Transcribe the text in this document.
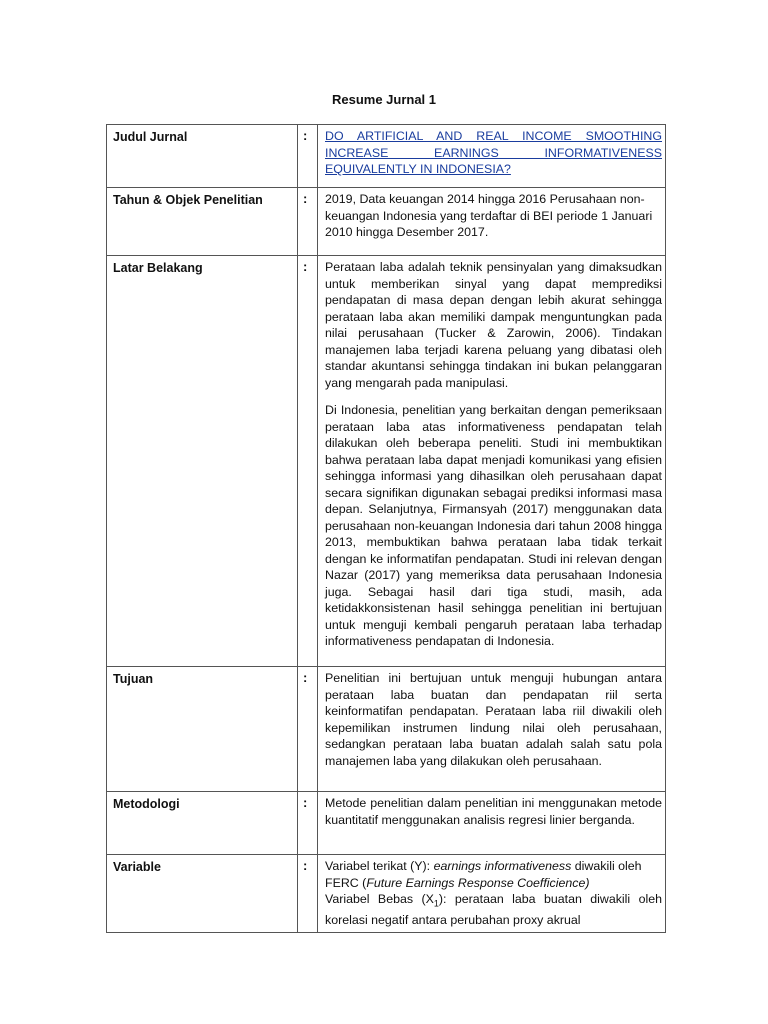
Resume Jurnal 1
Judul Jurnal	:	DO ARTIFICIAL AND REAL INCOME SMOOTHING INCREASE EARNINGS INFORMATIVENESS EQUIVALENTLY IN INDONESIA?

Tahun & Objek Penelitian	:	2019, Data keuangan 2014 hingga 2016 Perusahaan non-keuangan Indonesia yang terdaftar di BEI periode 1 Januari 2010 hingga Desember 2017.

Latar Belakang	:	Perataan laba adalah teknik pensinyalan yang dimaksudkan untuk memberikan sinyal yang dapat memprediksi pendapatan di masa depan dengan lebih akurat sehingga perataan laba akan memiliki dampak menguntungkan pada nilai perusahaan (Tucker & Zarowin, 2006). Tindakan manajemen laba terjadi karena peluang yang dibatasi oleh standar akuntansi sehingga tindakan ini bukan pelanggaran yang mengarah pada manipulasi.

Di Indonesia, penelitian yang berkaitan dengan pemeriksaan perataan laba atas informativeness pendapatan telah dilakukan oleh beberapa peneliti. Studi ini membuktikan bahwa perataan laba dapat menjadi komunikasi yang efisien sehingga informasi yang dihasilkan oleh perusahaan dapat secara signifikan digunakan sebagai prediksi informasi masa depan. Selanjutnya, Firmansyah (2017) menggunakan data perusahaan non-keuangan Indonesia dari tahun 2008 hingga 2013, membuktikan bahwa perataan laba tidak terkait dengan ke informatifan pendapatan. Studi ini relevan dengan Nazar (2017) yang memeriksa data perusahaan Indonesia juga. Sebagai hasil dari tiga studi, masih, ada ketidakkonsistenan hasil sehingga penelitian ini bertujuan untuk menguji kembali pengaruh perataan laba terhadap informativeness pendapatan di Indonesia.

Tujuan	:	Penelitian ini bertujuan untuk menguji hubungan antara perataan laba buatan dan pendapatan riil serta keinformatifan pendapatan. Perataan laba riil diwakili oleh kepemilikan instrumen lindung nilai oleh perusahaan, sedangkan perataan laba buatan adalah salah satu pola manajemen laba yang dilakukan oleh perusahaan.

Metodologi	:	Metode penelitian dalam penelitian ini menggunakan metode kuantitatif menggunakan analisis regresi linier berganda.

Variable	:	Variabel terikat (Y): earnings informativeness diwakili oleh FERC (Future Earnings Response Coefficience)

Variabel Bebas $(X_1)$: perataan laba buatan diwakili oleh korelasi negatif antara perubahan proxy akrual
